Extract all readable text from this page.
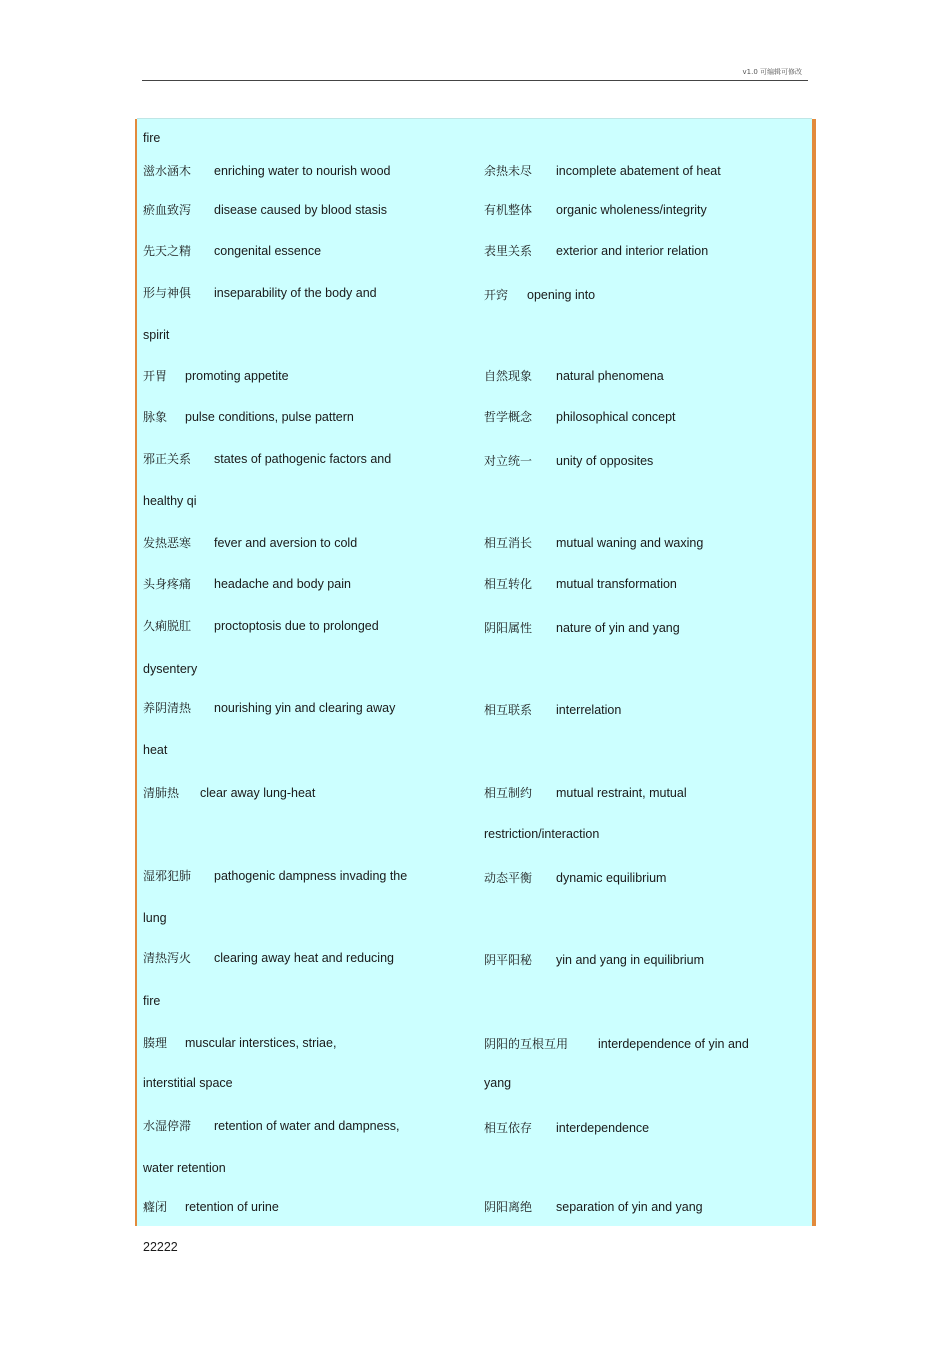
v1.0 可编辑可修改
fire
滋水涵木 enriching water to nourish wood	余热未尽 incomplete abatement of heat
瘀血致泻 disease caused by blood stasis	有机整体 organic wholeness/integrity
先天之精 congenital essence	表里关系 exterior and interior relation
形与神俱 inseparability of the body and	开窍 opening into
spirit
开胃 promoting appetite	自然现象 natural phenomena
脉象 pulse conditions, pulse pattern	哲学概念 philosophical concept
邪正关系 states of pathogenic factors and	对立统一 unity of opposites
healthy qi
发热恶寒 fever and aversion to cold	相互消长 mutual waning and waxing
头身疼痛 headache and body pain	相互转化 mutual transformation
久痢脱肛 proctoptosis due to prolonged	阴阳属性 nature of yin and yang
dysentery
养阴清热 nourishing yin and clearing away	相互联系 interrelation
heat
清肺热 clear away lung-heat	相互制约 mutual restraint, mutual
restriction/interaction
湿邪犯肺 pathogenic dampness invading the	动态平衡 dynamic equilibrium
lung
清热泻火 clearing away heat and reducing	阴平阳秘 yin and yang in equilibrium
fire
腠理 muscular interstices, striae,	阴阳的互根互用 interdependence of yin and
interstitial space	yang
水湿停滞 retention of water and dampness,	相互依存 interdependence
water retention
癃闭 retention of urine	阴阳离绝 separation of yin and yang
22222
